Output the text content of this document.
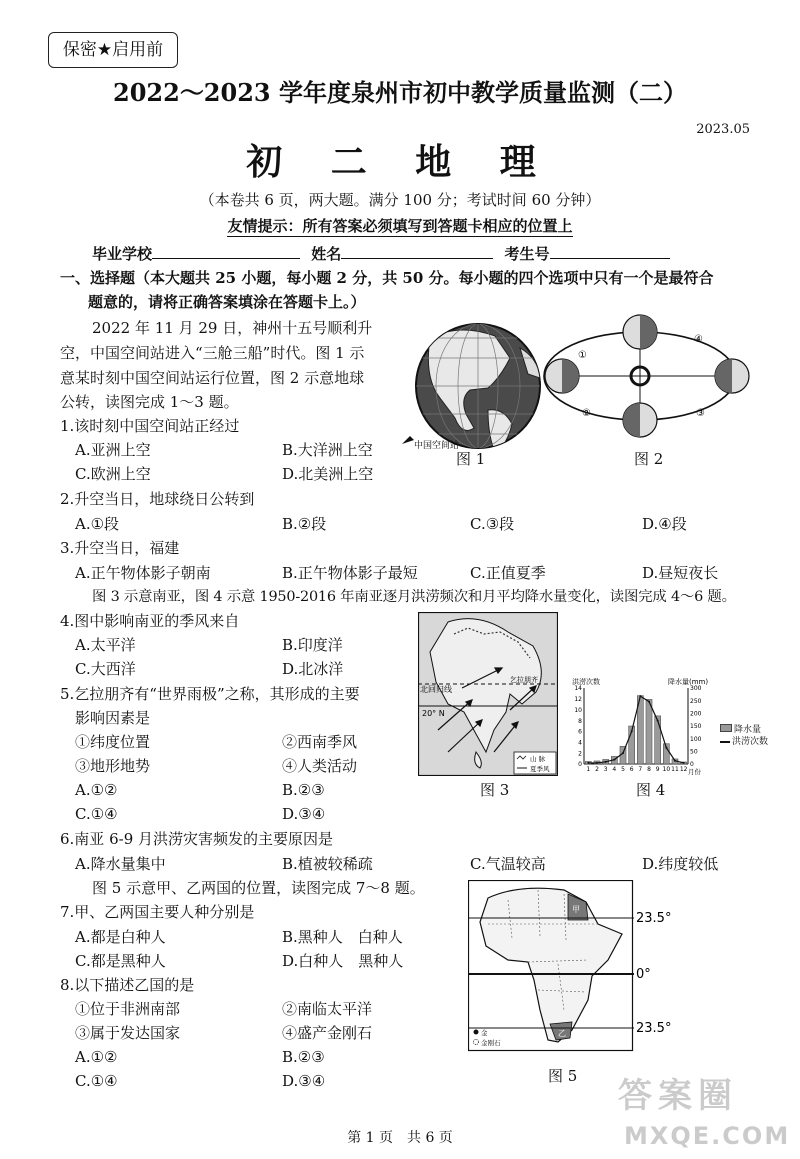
保密★启用前
2022～2023 学年度泉州市初中教学质量监测（二）
2023.05
初 二 地 理
（本卷共 6 页，两大题。满分 100 分；考试时间 60 分钟）
友情提示：所有答案必须填写到答题卡相应的位置上
毕业学校	姓名	考生号
一、选择题（本大题共 25 小题，每小题 2 分，共 50 分。每小题的四个选项中只有一个是最符合
题意的，请将正确答案填涂在答题卡上。）
2022 年 11 月 29 日，神州十五号顺利升
空，中国空间站进入“三舱三船”时代。图 1 示
意某时刻中国空间站运行位置，图 2 示意地球
公转，读图完成 1～3 题。
1.该时刻中国空间站正经过
A.亚洲上空	B.大洋洲上空
C.欧洲上空	D.北美洲上空
2.升空当日，地球绕日公转到
A.①段	B.②段	C.③段	D.④段
3.升空当日，福建
A.正午物体影子朝南	B.正午物体影子最短	C.正值夏季	D.昼短夜长
图 3 示意南亚，图 4 示意 1950-2016 年南亚逐月洪涝频次和月平均降水量变化，读图完成 4～6 题。
4.图中影响南亚的季风来自
A.太平洋	B.印度洋
C.大西洋	D.北冰洋
5.乞拉朋齐有“世界雨极”之称，其形成的主要
影响因素是
①纬度位置	②西南季风
③地形地势	④人类活动
A.①②	B.②③
C.①④	D.③④
6.南亚 6-9 月洪涝灾害频发的主要原因是
A.降水量集中	B.植被较稀疏	C.气温较高	D.纬度较低
图 5 示意甲、乙两国的位置，读图完成 7～8 题。
7.甲、乙两国主要人种分别是
A.都是白种人	B.黑种人　白种人
C.都是黑种人	D.白种人　黑种人
8.以下描述乙国的是
①位于非洲南部	②南临太平洋
③属于发达国家	④盛产金刚石
A.①②	B.②③
C.①④	D.③④
中国空间站
图 1
①
②	③
④
图 2
北回归线
20° N
乞拉朋齐
山 脉
夏季风
图 3
洪涝次数	降水量(mm)
0
2
4
6
8
10
12
14
0
50
100
150
200
250
300
1 2 3 4 5 6 7 8 9 10 11 12 月份
降水量
洪涝次数
图 4
甲
乙
23.5°
0°
23.5°
金
金刚石
图 5
第 1 页　共 6 页
答案圈
MXQE.COM
